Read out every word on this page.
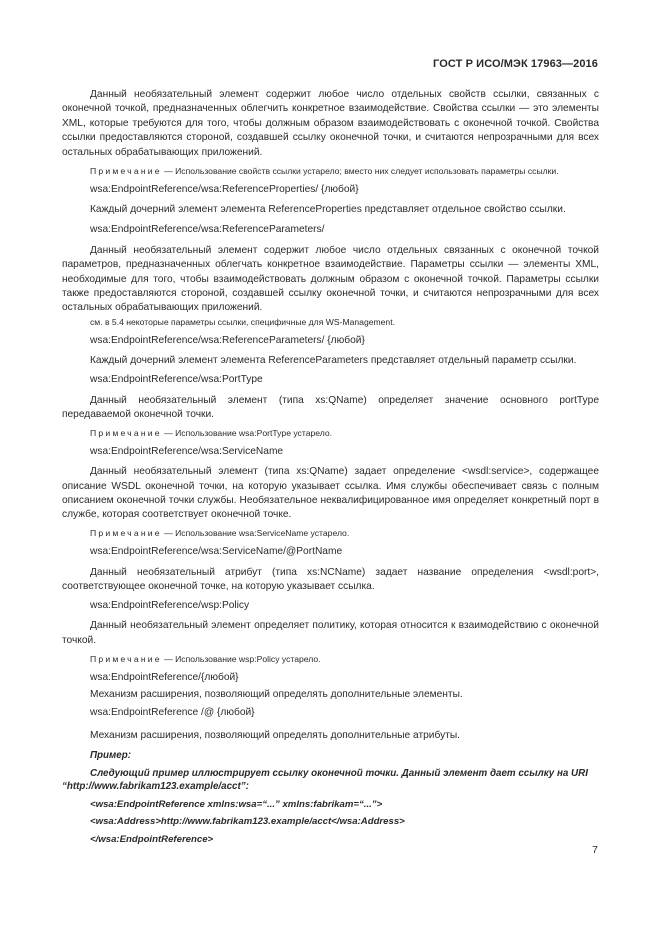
ГОСТ Р ИСО/МЭК 17963—2016

Данный необязательный элемент содержит любое число отдельных свойств ссылки, связанных с оконечной точкой, предназначенных облегчить конкретное взаимодействие. Свойства ссылки — это элементы XML, которые требуются для того, чтобы должным образом взаимодействовать с оконечной точкой. Свойства ссылки предоставляются стороной, создавшей ссылку оконечной точки, и считаются непрозрачными для всех остальных обрабатывающих приложений.

Примечание — Использование свойств ссылки устарело; вместо них следует использовать параметры ссылки.

wsa:EndpointReference/wsa:ReferenceProperties/ {любой}

Каждый дочерний элемент элемента ReferenceProperties представляет отдельное свойство ссылки.

wsa:EndpointReference/wsa:ReferenceParameters/

Данный необязательный элемент содержит любое число отдельных связанных с оконечной точкой параметров, предназначенных облегчать конкретное взаимодействие. Параметры ссылки — элементы XML, необходимые для того, чтобы взаимодействовать должным образом с оконечной точкой. Параметры ссылки также предоставляются стороной, создавшей ссылку оконечной точки, и считаются непрозрачными для всех остальных обрабатывающих приложений.

см. в 5.4 некоторые параметры ссылки, специфичные для WS-Management.

wsa:EndpointReference/wsa:ReferenceParameters/ {любой}

Каждый дочерний элемент элемента ReferenceParameters представляет отдельный параметр ссылки.

wsa:EndpointReference/wsa:PortType

Данный необязательный элемент (типа xs:QName) определяет значение основного portType передаваемой оконечной точки.

Примечание — Использование wsa:PortType устарело.

wsa:EndpointReference/wsa:ServiceName

Данный необязательный элемент (типа xs:QName) задает определение <wsdl:service>, содержащее описание WSDL оконечной точки, на которую указывает ссылка. Имя службы обеспечивает связь с полным описанием оконечной точки службы. Необязательное неквалифицированное имя определяет конкретный порт в службе, которая соответствует оконечной точке.

Примечание — Использование wsa:ServiceName устарело.

wsa:EndpointReference/wsa:ServiceName/@PortName

Данный необязательный атрибут (типа xs:NCName) задает название определения <wsdl:port>, соответствующее оконечной точке, на которую указывает ссылка.

wsa:EndpointReference/wsp:Policy

Данный необязательный элемент определяет политику, которая относится к взаимодействию с оконечной точкой.

Примечание — Использование wsp:Policy устарело.

wsa:EndpointReference/{любой}

Механизм расширения, позволяющий определять дополнительные элементы.

wsa:EndpointReference /@ {любой}

Механизм расширения, позволяющий определять дополнительные атрибуты.

Пример:

Следующий пример иллюстрирует ссылку оконечной точки. Данный элемент дает ссылку на URI “http://www.fabrikam123.example/acct”:

<wsa:EndpointReference xmlns:wsa=“...” xmlns:fabrikam=“...”>

<wsa:Address>http://www.fabrikam123.example/acct</wsa:Address>

</wsa:EndpointReference>

7
